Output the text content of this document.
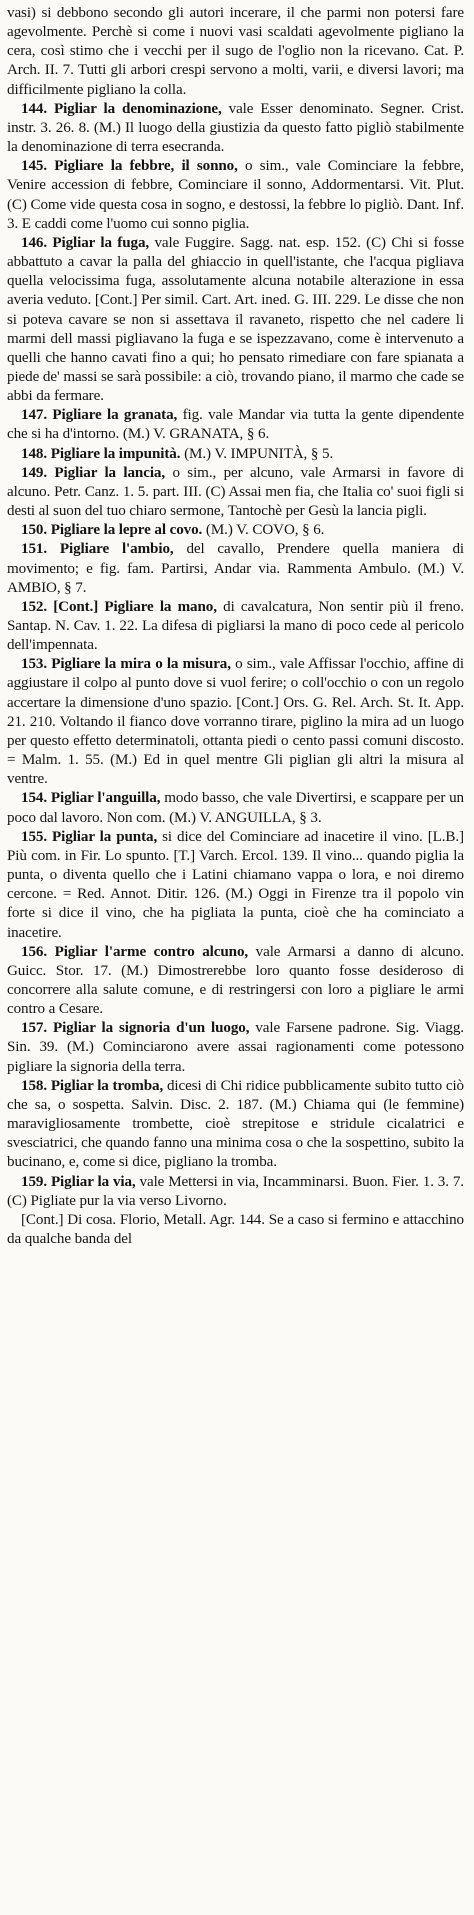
vasi) si debbono secondo gli autori incerare, il che parmi non potersi fare agevolmente. Perchè si come i nuovi vasi scaldati agevolmente pigliano la cera, così stimo che i vecchi per il sugo de l'oglio non la ricevano. Cat. P. Arch. II. 7. Tutti gli arbori crespi servono a molti, varii, e diversi lavori; ma difficilmente pigliano la colla.

144. Pigliar la denominazione, vale Esser denominato. Segner. Crist. instr. 3. 26. 8. (M.) Il luogo della giustizia da questo fatto pigliò stabilmente la denominazione di terra esecranda.

145. Pigliare la febbre, il sonno, o sim., vale Cominciare la febbre, Venire accession di febbre, Cominciare il sonno, Addormentarsi. Vit. Plut. (C) Come vide questa cosa in sogno, e destossi, la febbre lo pigliò. Dant. Inf. 3. E caddi come l'uomo cui sonno piglia.

146. Pigliar la fuga, vale Fuggire. Sagg. nat. esp. 152. (C) Chi si fosse abbattuto a cavar la palla del ghiaccio in quell'istante, che l'acqua pigliava quella velocissima fuga, assolutamente alcuna notabile alterazione in essa averia veduto. [Cont.] Per simil. Cart. Art. ined. G. III. 229. Le disse che non si poteva cavare se non si assettava il ravaneto, rispetto che nel cadere li marmi dell massi pigliavano la fuga e se ispezzavano, come è intervenuto a quelli che hanno cavati fino a qui; ho pensato rimediare con fare spianata a piede de' massi se sarà possibile: a ciò, trovando piano, il marmo che cade se abbi da fermare.

147. Pigliare la granata, fig. vale Mandar via tutta la gente dipendente che si ha d'intorno. (M.) V. GRANATA, § 6.

148. Pigliare la impunità. (M.) V. IMPUNITÀ, § 5.

149. Pigliar la lancia, o sim., per alcuno, vale Armarsi in favore di alcuno. Petr. Canz. 1. 5. part. III. (C) Assai men fia, che Italia co' suoi figli si desti al suon del tuo chiaro sermone, Tantochè per Gesù la lancia pigli.

150. Pigliare la lepre al covo. (M.) V. COVO, § 6.

151. Pigliare l'ambio, del cavallo, Prendere quella maniera di movimento; e fig. fam. Partirsi, Andar via. Rammenta Ambulo. (M.) V. AMBIO, § 7.

152. [Cont.] Pigliare la mano, di cavalcatura, Non sentir più il freno. Santap. N. Cav. 1. 22. La difesa di pigliarsi la mano di poco cede al pericolo dell'impennata.

153. Pigliare la mira o la misura, o sim., vale Affissar l'occhio, affine di aggiustare il colpo al punto dove si vuol ferire; o coll'occhio o con un regolo accertare la dimensione d'uno spazio. [Cont.] Ors. G. Rel. Arch. St. It. App. 21. 210. Voltando il fianco dove vorranno tirare, piglino la mira ad un luogo per questo effetto determinatoli, ottanta piedi o cento passi comuni discosto. = Malm. 1. 55. (M.) Ed in quel mentre Gli piglian gli altri la misura al ventre.

154. Pigliar l'anguilla, modo basso, che vale Divertirsi, e scappare per un poco dal lavoro. Non com. (M.) V. ANGUILLA, § 3.

155. Pigliar la punta, si dice del Cominciare ad inacetire il vino. [L.B.] Più com. in Fir. Lo spunto. [T.] Varch. Ercol. 139. Il vino... quando piglia la punta, o diventa quello che i Latini chiamano vappa o lora, e noi diremo cercone. = Red. Annot. Ditir. 126. (M.) Oggi in Firenze tra il popolo vin forte si dice il vino, che ha pigliata la punta, cioè che ha cominciato a inacetire.

156. Pigliar l'arme contro alcuno, vale Armarsi a danno di alcuno. Guicc. Stor. 17. (M.) Dimostrerebbe loro quanto fosse desideroso di concorrere alla salute comune, e di restringersi con loro a pigliare le armi contro a Cesare.

157. Pigliar la signoria d'un luogo, vale Farsene padrone. Sig. Viagg. Sin. 39. (M.) Cominciarono avere assai ragionamenti come potessono pigliare la signoria della terra.

158. Pigliar la tromba, dicesi di Chi ridice pubblicamente subito tutto ciò che sa, o sospetta. Salvin. Disc. 2. 187. (M.) Chiama qui (le femmine) maravigliosamente trombette, cioè strepitose e stridule cicalatrici e svesciatrici, che quando fanno una minima cosa o che la sospettino, subito la bucinano, e, come si dice, pigliano la tromba.

159. Pigliar la via, vale Mettersi in via, Incamminarsi. Buon. Fier. 1. 3. 7. (C) Pigliate pur la via verso Livorno.

[Cont.] Di cosa. Florio, Metall. Agr. 144. Se a caso si fermino e attacchino da qualche banda del
